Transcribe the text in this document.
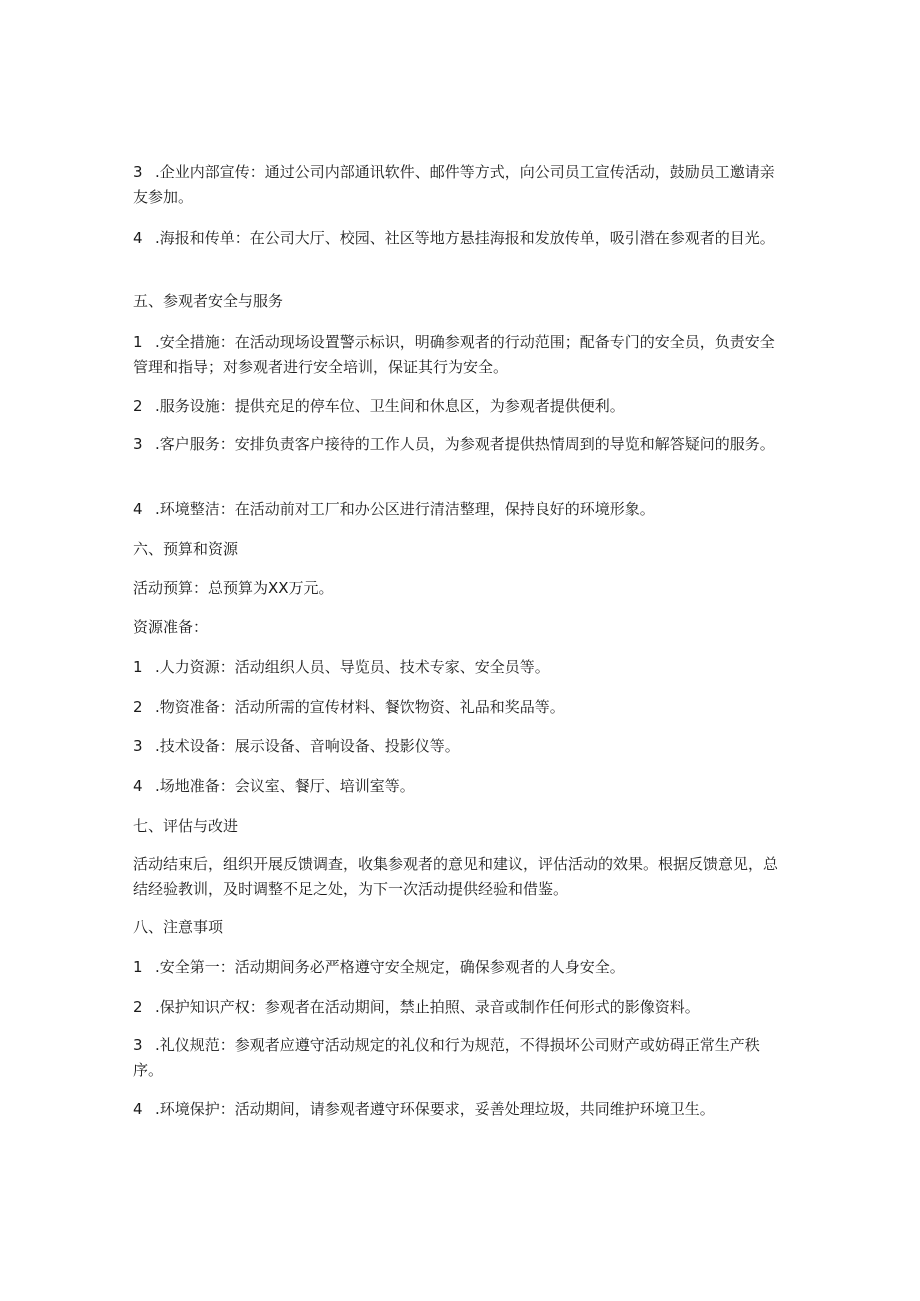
3 .企业内部宣传：通过公司内部通讯软件、邮件等方式，向公司员工宣传活动，鼓励员工邀请亲友参加。

4 .海报和传单：在公司大厅、校园、社区等地方悬挂海报和发放传单，吸引潜在参观者的目光。

五、参观者安全与服务

1 .安全措施：在活动现场设置警示标识，明确参观者的行动范围；配备专门的安全员，负责安全管理和指导；对参观者进行安全培训，保证其行为安全。

2 .服务设施：提供充足的停车位、卫生间和休息区，为参观者提供便利。

3 .客户服务：安排负责客户接待的工作人员，为参观者提供热情周到的导览和解答疑问的服务。

4 .环境整洁：在活动前对工厂和办公区进行清洁整理，保持良好的环境形象。

六、预算和资源

活动预算：总预算为XX万元。

资源准备：

1 .人力资源：活动组织人员、导览员、技术专家、安全员等。

2 .物资准备：活动所需的宣传材料、餐饮物资、礼品和奖品等。

3 .技术设备：展示设备、音响设备、投影仪等。

4 .场地准备：会议室、餐厅、培训室等。

七、评估与改进

活动结束后，组织开展反馈调查，收集参观者的意见和建议，评估活动的效果。根据反馈意见，总结经验教训，及时调整不足之处，为下一次活动提供经验和借鉴。

八、注意事项

1 .安全第一：活动期间务必严格遵守安全规定，确保参观者的人身安全。

2 .保护知识产权：参观者在活动期间，禁止拍照、录音或制作任何形式的影像资料。

3 .礼仪规范：参观者应遵守活动规定的礼仪和行为规范，不得损坏公司财产或妨碍正常生产秩序。

4 .环境保护：活动期间，请参观者遵守环保要求，妥善处理垃圾，共同维护环境卫生。
